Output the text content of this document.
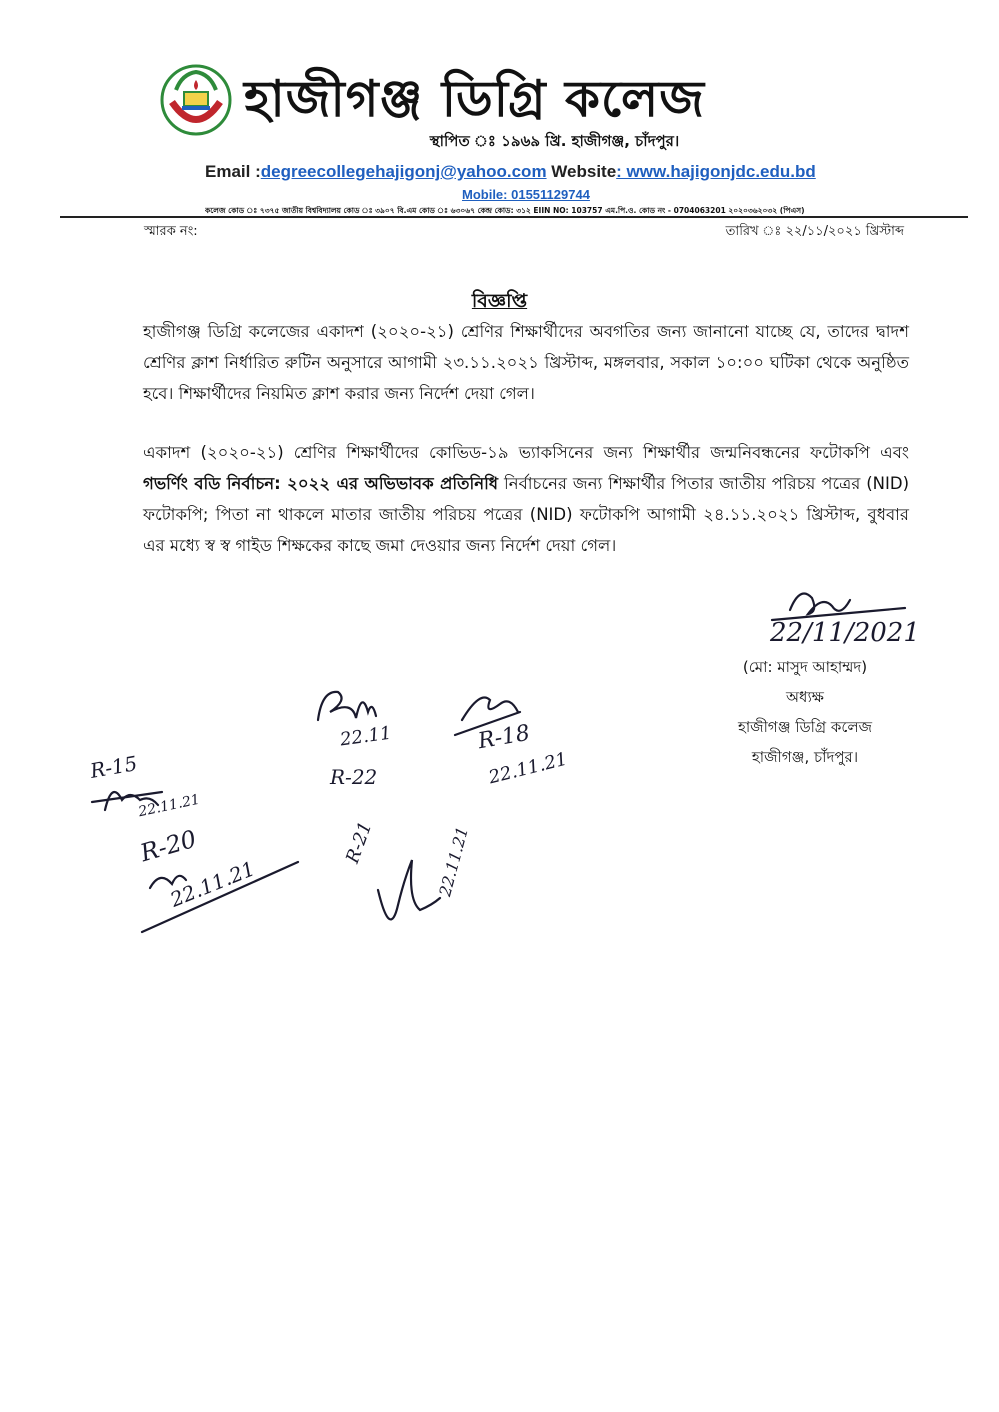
হাজীগঞ্জ ডিগ্রি কলেজ
স্থাপিত ঃ ১৯৬৯ খ্রি. হাজীগঞ্জ, চাঁদপুর।
Email :degreecollegehajigonj@yahoo.com Website: www.hajigonjdc.edu.bd
Mobile: 01551129744
কলেজ কোড ঃ ৭৩৭৫ জাতীয় বিশ্ববিদ্যালয় কোড ঃ ৩৯০৭ বি.এম কোড ঃ ৬৩০৬৭ কেন্দ্র কোড: ৩১২ EIIN NO: 103757 এম.পি.ও. কোড নং - 0704063201 ২০২০৩৬২০৩২ (পিএস)
স্মারক নং:	তারিখ ঃ ২২/১১/২০২১ খ্রিস্টাব্দ
বিজ্ঞপ্তি
হাজীগঞ্জ ডিগ্রি কলেজের একাদশ (২০২০-২১) শ্রেণির শিক্ষার্থীদের অবগতির জন্য জানানো যাচ্ছে যে, তাদের দ্বাদশ শ্রেণির ক্লাশ নির্ধারিত রুটিন অনুসারে আগামী ২৩.১১.২০২১ খ্রিস্টাব্দ, মঙ্গলবার, সকাল ১০:০০ ঘটিকা থেকে অনুষ্ঠিত হবে। শিক্ষার্থীদের নিয়মিত ক্লাশ করার জন্য নির্দেশ দেয়া গেল।
একাদশ (২০২০-২১) শ্রেণির শিক্ষার্থীদের কোভিড-১৯ ভ্যাকসিনের জন্য শিক্ষার্থীর জন্মনিবন্ধনের ফটোকপি এবং গভর্ণিং বডি নির্বাচন: ২০২২ এর অভিভাবক প্রতিনিধি নির্বাচনের জন্য শিক্ষার্থীর পিতার জাতীয় পরিচয় পত্রের (NID) ফটোকপি; পিতা না থাকলে মাতার জাতীয় পরিচয় পত্রের (NID) ফটোকপি আগামী ২৪.১১.২০২১ খ্রিস্টাব্দ, বুধবার এর মধ্যে স্ব স্ব গাইড শিক্ষকের কাছে জমা দেওয়ার জন্য নির্দেশ দেয়া গেল।
22/11/2021
22.11
R-22
R-18
22.11.21
R-15
22.11.21
R-20
22.11.21
R-21	22.11.21
(মো: মাসুদ আহাম্মদ)
অধ্যক্ষ
হাজীগঞ্জ ডিগ্রি কলেজ
হাজীগঞ্জ, চাঁদপুর।
